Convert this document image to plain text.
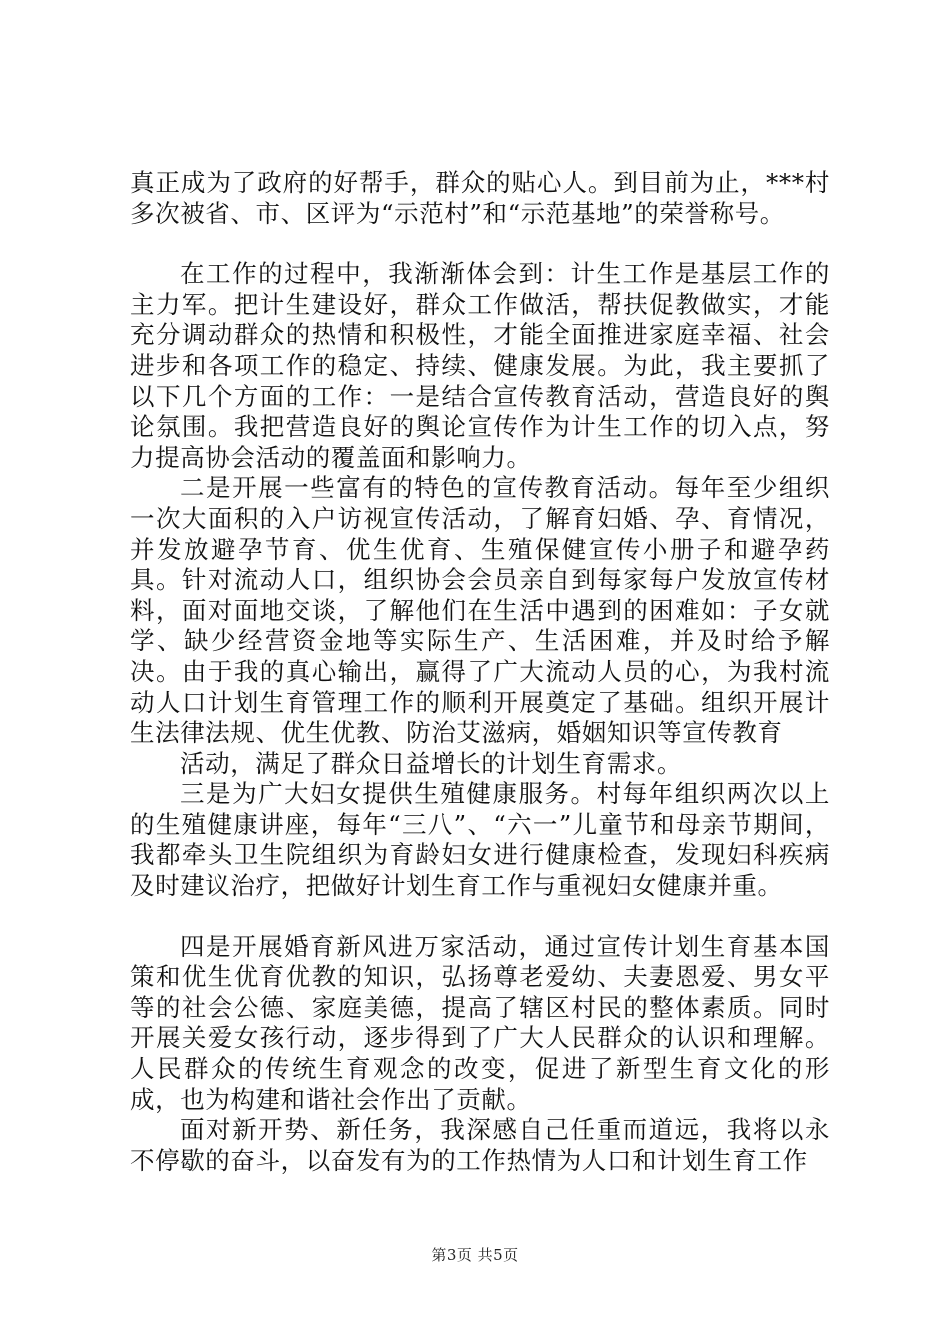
真正成为了政府的好帮手，群众的贴心人。到目前为止，***村多次被省、市、区评为“示范村”和“示范基地”的荣誉称号。

在工作的过程中，我渐渐体会到：计生工作是基层工作的主力军。把计生建设好，群众工作做活，帮扶促教做实，才能充分调动群众的热情和积极性，才能全面推进家庭幸福、社会进步和各项工作的稳定、持续、健康发展。为此，我主要抓了以下几个方面的工作：一是结合宣传教育活动，营造良好的舆论氛围。我把营造良好的舆论宣传作为计生工作的切入点，努力提高协会活动的覆盖面和影响力。

二是开展一些富有的特色的宣传教育活动。每年至少组织一次大面积的入户访视宣传活动，了解育妇婚、孕、育情况，并发放避孕节育、优生优育、生殖保健宣传小册子和避孕药具。针对流动人口，组织协会会员亲自到每家每户发放宣传材料，面对面地交谈，了解他们在生活中遇到的困难如：子女就学、缺少经营资金地等实际生产、生活困难，并及时给予解决。由于我的真心输出，赢得了广大流动人员的心，为我村流动人口计划生育管理工作的顺利开展奠定了基础。组织开展计生法律法规、优生优教、防治艾滋病，婚姻知识等宣传教育

活动，满足了群众日益增长的计划生育需求。

三是为广大妇女提供生殖健康服务。村每年组织两次以上的生殖健康讲座，每年“三八”、“六一”儿童节和母亲节期间，我都牵头卫生院组织为育龄妇女进行健康检查，发现妇科疾病及时建议治疗，把做好计划生育工作与重视妇女健康并重。

四是开展婚育新风进万家活动，通过宣传计划生育基本国策和优生优育优教的知识，弘扬尊老爱幼、夫妻恩爱、男女平等的社会公德、家庭美德，提高了辖区村民的整体素质。同时开展关爱女孩行动，逐步得到了广大人民群众的认识和理解。人民群众的传统生育观念的改变，促进了新型生育文化的形成，也为构建和谐社会作出了贡献。

面对新开势、新任务，我深感自己任重而道远，我将以永不停歇的奋斗，以奋发有为的工作热情为人口和计划生育工作

第3页 共5页
